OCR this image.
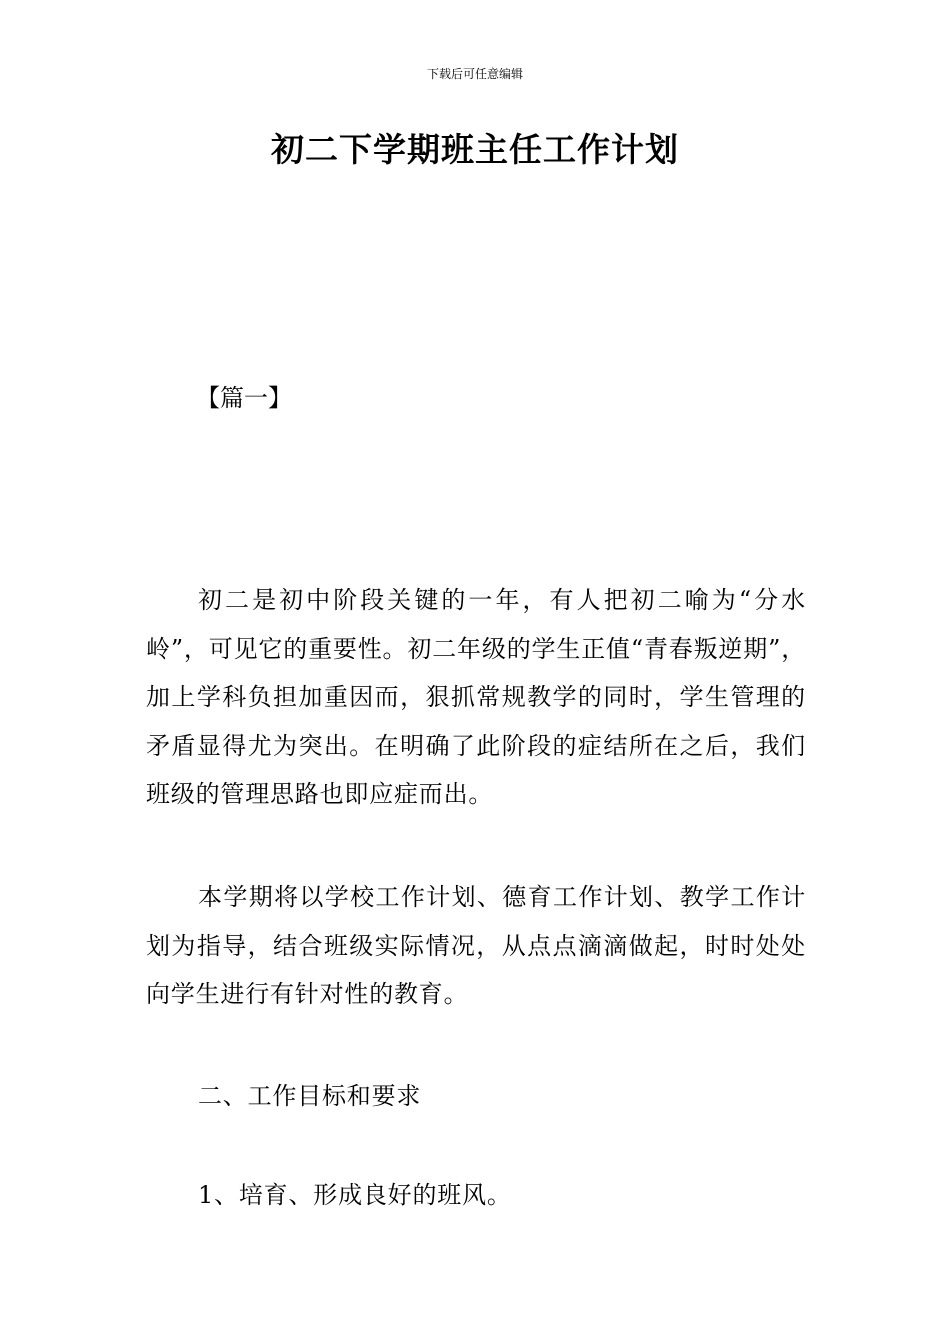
下载后可任意编辑
初二下学期班主任工作计划
【篇一】

初二是初中阶段关键的一年，有人把初二喻为“分水岭”，可见它的重要性。初二年级的学生正值“青春叛逆期”，加上学科负担加重因而，狠抓常规教学的同时，学生管理的矛盾显得尤为突出。在明确了此阶段的症结所在之后，我们班级的管理思路也即应症而出。

本学期将以学校工作计划、德育工作计划、教学工作计划为指导，结合班级实际情况，从点点滴滴做起，时时处处向学生进行有针对性的教育。

二、工作目标和要求

1、培育、形成良好的班风。
